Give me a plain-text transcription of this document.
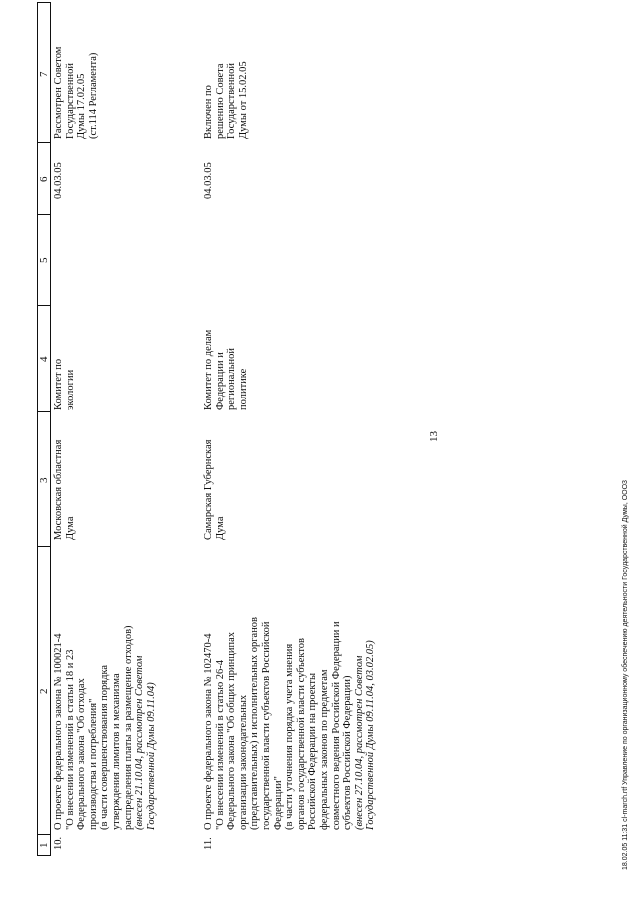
13
1
2
3
4
5
6
7
10.
О проекте федерального закона № 100021-4 "О внесении изменений в статьи 18 и 23 Федерального закона "Об отходах производства и потребления" (в части совершенствования порядка утверждения лимитов и механизма распределения платы за размещение отходов) (внесен 21.10.04, рассмотрен Советом Государственной Думы 09.11.04)
Московская областная Дума
Комитет по экологии
04.03.05
Рассмотрен Советом Государственной Думы 17.02.05 (ст.114 Регламента)
11.
О проекте федерального закона № 102470-4 "О внесении изменений в статью 26-4 Федерального закона "Об общих принципах организации законодательных (представительных) и исполнительных органов государственной власти субъектов Российской Федерации" (в части уточнения порядка учета мнения органов государственной власти субъектов Российской Федерации на проекты федеральных законов по предметам совместного ведения Российской Федерации и субъектов Российской Федерации) (внесен 27.10.04, рассмотрен Советом Государственной Думы 09.11.04, 03.02.05)
Самарская Губернская Дума
Комитет по делам Федерации и региональной политике
04.03.05
Включен по решению Совета Государственной Думы от 15.02.05
18.02.05 11:31 cl-march.rtf Управление по организационному обеспечению деятельности Государственной Думы, ООО3
